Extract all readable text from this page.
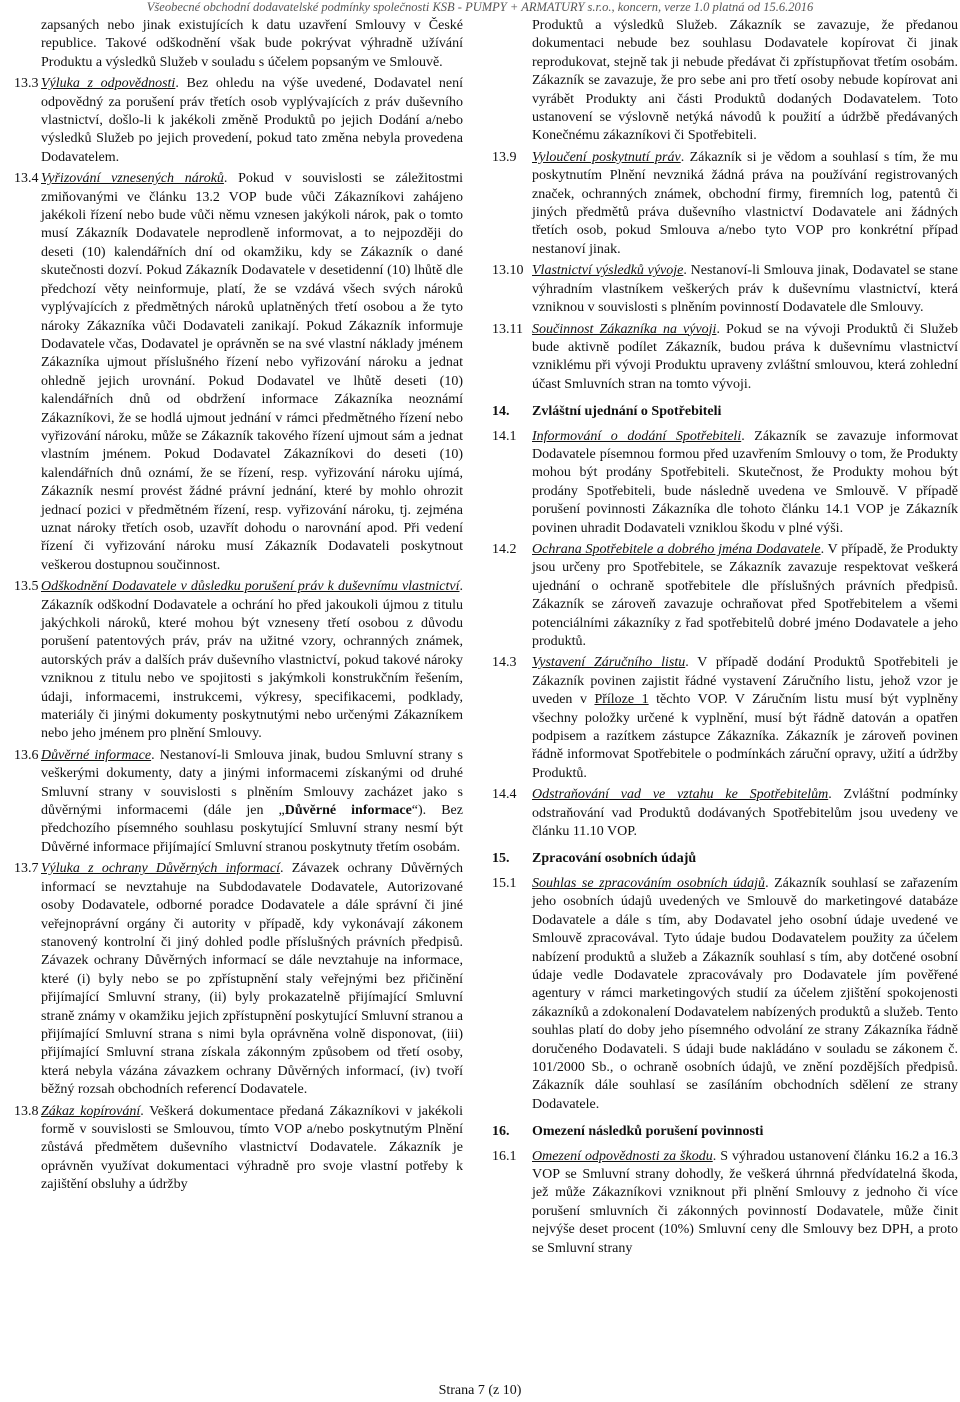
Všeobecné obchodní dodavatelské podmínky společnosti KSB - PUMPY + ARMATURY s.r.o., koncern, verze 1.0 platná od 15.6.2016

zapsaných nebo jinak existujících k datu uzavření Smlouvy v České republice. Takové odškodnění však bude pokrývat výhradně užívání Produktu a výsledků Služeb v souladu s účelem popsaným ve Smlouvě.

13.3 Výluka z odpovědnosti. Bez ohledu na výše uvedené, Dodavatel není odpovědný za porušení práv třetích osob vyplývajících z práv duševního vlastnictví, došlo-li k jakékoli změně Produktů po jejich Dodání a/nebo výsledků Služeb po jejich provedení, pokud tato změna nebyla provedena Dodavatelem.
13.4 Vyřizování vznesených nároků. Pokud v souvislosti se záležitostmi zmiňovanými ve článku 13.2 VOP bude vůči Zákazníkovi zahájeno jakékoli řízení nebo bude vůči němu vznesen jakýkoli nárok, pak o tomto musí Zákazník Dodavatele neprodleně informovat, a to nejpozději do deseti (10) kalendářních dní od okamžiku, kdy se Zákazník o dané skutečnosti dozví. Pokud Zákazník Dodavatele v desetidenní (10) lhůtě dle předchozí věty neinformuje, platí, že se vzdává všech svých nároků vyplývajících z předmětných nároků uplatněných třetí osobou a že tyto nároky Zákazníka vůči Dodavateli zanikají. Pokud Zákazník informuje Dodavatele včas, Dodavatel je oprávněn se na své vlastní náklady jménem Zákazníka ujmout příslušného řízení nebo vyřizování nároku a jednat ohledně jejich urovnání. Pokud Dodavatel ve lhůtě deseti (10) kalendářních dnů od obdržení informace Zákazníka neoznámí Zákazníkovi, že se hodlá ujmout jednání v rámci předmětného řízení nebo vyřizování nároku, může se Zákazník takového řízení ujmout sám a jednat vlastním jménem. Pokud Dodavatel Zákazníkovi do deseti (10) kalendářních dnů oznámí, že se řízení, resp. vyřizování nároku ujímá, Zákazník nesmí provést žádné právní jednání, které by mohlo ohrozit jednací pozici v předmětném řízení, resp. vyřizování nároku, tj. zejména uznat nároky třetích osob, uzavřít dohodu o narovnání apod. Při vedení řízení či vyřizování nároku musí Zákazník Dodavateli poskytnout veškerou dostupnou součinnost.
13.5 Odškodnění Dodavatele v důsledku porušení práv k duševnímu vlastnictví. Zákazník odškodní Dodavatele a ochrání ho před jakoukoli újmou z titulu jakýchkoli nároků, které mohou být vzneseny třetí osobou z důvodu porušení patentových práv, práv na užitné vzory, ochranných známek, autorských práv a dalších práv duševního vlastnictví, pokud takové nároky vzniknou z titulu nebo ve spojitosti s jakýmkoli konstrukčním řešením, údaji, informacemi, instrukcemi, výkresy, specifikacemi, podklady, materiály či jinými dokumenty poskytnutými nebo určenými Zákazníkem nebo jeho jménem pro plnění Smlouvy.
13.6 Důvěrné informace. Nestanoví-li Smlouva jinak, budou Smluvní strany s veškerými dokumenty, daty a jinými informacemi získanými od druhé Smluvní strany v souvislosti s plněním Smlouvy zacházet jako s důvěrnými informacemi (dále jen „Důvěrné informace“). Bez předchozího písemného souhlasu poskytující Smluvní strany nesmí být Důvěrné informace přijímající Smluvní stranou poskytnuty třetím osobám.
13.7 Výluka z ochrany Důvěrných informací. Závazek ochrany Důvěrných informací se nevztahuje na Subdodavatele Dodavatele, Autorizované osoby Dodavatele, odborné poradce Dodavatele a dále správní či jiné veřejnoprávní orgány či autority v případě, kdy vykonávají zákonem stanovený kontrolní či jiný dohled podle příslušných právních předpisů. Závazek ochrany Důvěrných informací se dále nevztahuje na informace, které (i) byly nebo se po zpřístupnění staly veřejnými bez přičinění přijímající Smluvní strany, (ii) byly prokazatelně přijímající Smluvní straně známy v okamžiku jejich zpřístupnění poskytující Smluvní stranou a přijímající Smluvní strana s nimi byla oprávněna volně disponovat, (iii) přijímající Smluvní strana získala zákonným způsobem od třetí osoby, která nebyla vázána závazkem ochrany Důvěrných informací, (iv) tvoří běžný rozsah obchodních referencí Dodavatele.
13.8 Zákaz kopírování. Veškerá dokumentace předaná Zákazníkovi v jakékoli formě v souvislosti se Smlouvou, tímto VOP a/nebo poskytnutým Plnění zůstává předmětem duševního vlastnictví Dodavatele. Zákazník je oprávněn využívat dokumentaci výhradně pro svoje vlastní potřeby k zajištění obsluhy a údržby

Produktů a výsledků Služeb. Zákazník se zavazuje, že předanou dokumentaci nebude bez souhlasu Dodavatele kopírovat či jinak reprodukovat, stejně tak ji nebude předávat či zpřístupňovat třetím osobám. Zákazník se zavazuje, že pro sebe ani pro třetí osoby nebude kopírovat ani vyrábět Produkty ani části Produktů dodaných Dodavatelem. Toto ustanovení se výslovně netýká návodů k použití a údržbě předávaných Konečnému zákazníkovi či Spotřebiteli.

13.9 Vyloučení poskytnutí práv. Zákazník si je vědom a souhlasí s tím, že mu poskytnutím Plnění nevzniká žádná práva na používání registrovaných značek, ochranných známek, obchodní firmy, firemních log, patentů či jiných předmětů práva duševního vlastnictví Dodavatele ani žádných třetích osob, pokud Smlouva a/nebo tyto VOP pro konkrétní případ nestanoví jinak.
13.10 Vlastnictví výsledků vývoje. Nestanoví-li Smlouva jinak, Dodavatel se stane výhradním vlastníkem veškerých práv k duševnímu vlastnictví, která vzniknou v souvislosti s plněním povinností Dodavatele dle Smlouvy.
13.11 Součinnost Zákazníka na vývoji. Pokud se na vývoji Produktů či Služeb bude aktivně podílet Zákazník, budou práva k duševnímu vlastnictví vzniklému při vývoji Produktu upraveny zvláštní smlouvou, která zohlední účast Smluvních stran na tomto vývoji.
14. Zvláštní ujednání o Spotřebiteli
14.1 Informování o dodání Spotřebiteli. Zákazník se zavazuje informovat Dodavatele písemnou formou před uzavřením Smlouvy o tom, že Produkty mohou být prodány Spotřebiteli. Skutečnost, že Produkty mohou být prodány Spotřebiteli, bude následně uvedena ve Smlouvě. V případě porušení povinnosti Zákazníka dle tohoto článku 14.1 VOP je Zákazník povinen uhradit Dodavateli vzniklou škodu v plné výši.
14.2 Ochrana Spotřebitele a dobrého jména Dodavatele. V případě, že Produkty jsou určeny pro Spotřebitele, se Zákazník zavazuje respektovat veškerá ujednání o ochraně spotřebitele dle příslušných právních předpisů. Zákazník se zároveň zavazuje ochraňovat před Spotřebitelem a všemi potenciálními zákazníky z řad spotřebitelů dobré jméno Dodavatele a jeho produktů.
14.3 Vystavení Záručního listu. V případě dodání Produktů Spotřebiteli je Zákazník povinen zajistit řádné vystavení Záručního listu, jehož vzor je uveden v Příloze 1 těchto VOP. V Záručním listu musí být vyplněny všechny položky určené k vyplnění, musí být řádně datován a opatřen podpisem a razítkem zástupce Zákazníka. Zákazník je zároveň povinen řádně informovat Spotřebitele o podmínkách záruční opravy, užití a údržby Produktů.
14.4 Odstraňování vad ve vztahu ke Spotřebitelům. Zvláštní podmínky odstraňování vad Produktů dodávaných Spotřebitelům jsou uvedeny ve článku 11.10 VOP.
15. Zpracování osobních údajů
15.1 Souhlas se zpracováním osobních údajů. Zákazník souhlasí se zařazením jeho osobních údajů uvedených ve Smlouvě do marketingové databáze Dodavatele a dále s tím, aby Dodavatel jeho osobní údaje uvedené ve Smlouvě zpracovával. Tyto údaje budou Dodavatelem použity za účelem nabízení produktů a služeb a Zákazník souhlasí s tím, aby dotčené osobní údaje vedle Dodavatele zpracovávaly pro Dodavatele jím pověřené agentury v rámci marketingových studií za účelem zjištění spokojenosti zákazníků a zdokonalení Dodavatelem nabízených produktů a služeb. Tento souhlas platí do doby jeho písemného odvolání ze strany Zákazníka řádně doručeného Dodavateli. S údaji bude nakládáno v souladu se zákonem č. 101/2000 Sb., o ochraně osobních údajů, ve znění pozdějších předpisů. Zákazník dále souhlasí se zasíláním obchodních sdělení ze strany Dodavatele.
16. Omezení následků porušení povinnosti
16.1 Omezení odpovědnosti za škodu. S výhradou ustanovení článku 16.2 a 16.3 VOP se Smluvní strany dohodly, že veškerá úhrnná předvídatelná škoda, jež může Zákazníkovi vzniknout při plnění Smlouvy z jednoho či více porušení smluvních či zákonných povinností Dodavatele, může činit nejvýše deset procent (10%) Smluvní ceny dle Smlouvy bez DPH, a proto se Smluvní strany
Strana 7 (z 10)
